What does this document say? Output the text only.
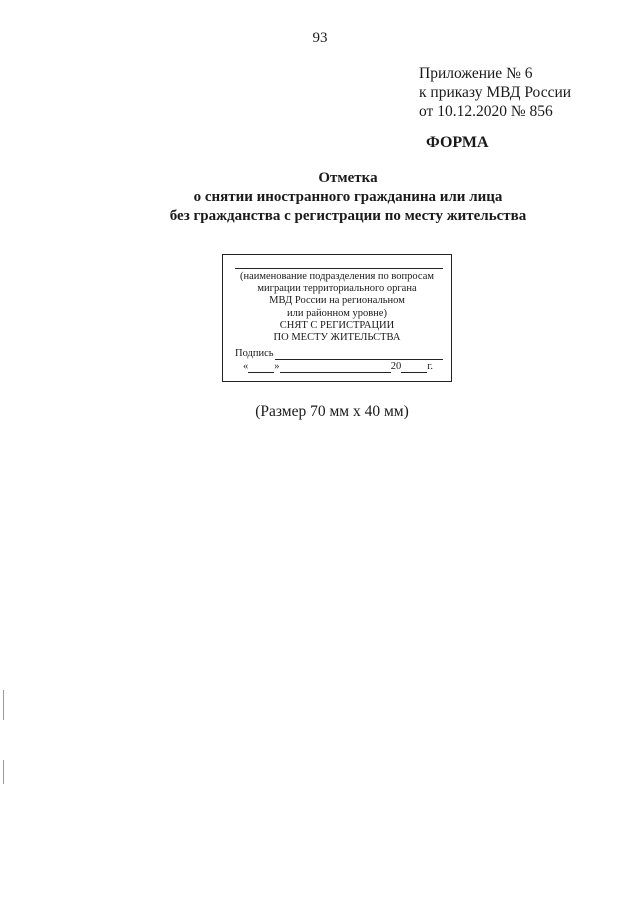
93
Приложение № 6
к приказу МВД России
от 10.12.2020 № 856
ФОРМА
Отметка
о снятии иностранного гражданина или лица
без гражданства с регистрации по месту жительства
(наименование подразделения по вопросам
миграции территориального органа
МВД России на региональном
или районном уровне)
СНЯТ С РЕГИСТРАЦИИ
ПО МЕСТУ ЖИТЕЛЬСТВА
Подпись
« »	20 г.
(Размер 70 мм х 40 мм)
